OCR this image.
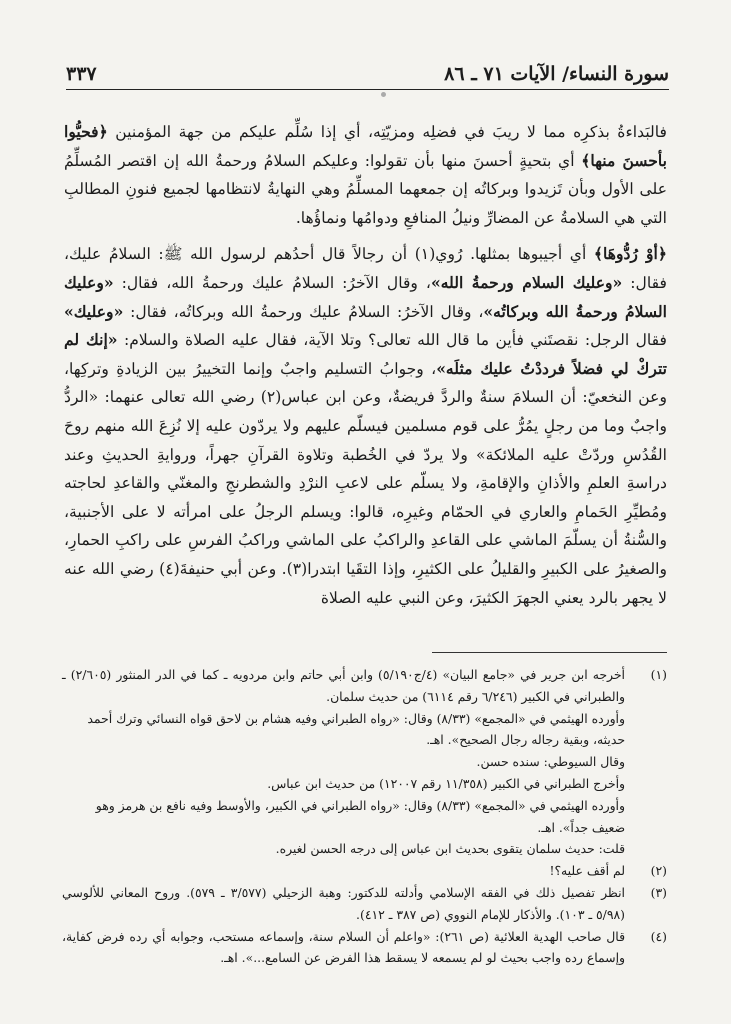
سورة النساء/ الآيات ٧١ ـ ٨٦
٣٣٧

فالبَداءةُ بذكرِه مما لا ريبَ في فضلِه ومزيّتِه، أي إذا سُلِّم عليكم من جهة المؤمنين ﴿فحيُّوا بأحسنَ منها﴾ أي بتحيةٍ أحسنَ منها بأن تقولوا: وعليكم السلامُ ورحمةُ الله إن اقتصر المُسلِّمُ على الأول وبأن تَزيدوا وبركاتُه إن جمعهما المسلِّمُ وهي النهايةُ لانتظامها لجميع فنونِ المطالبِ التي هي السلامةُ عن المضارِّ ونيلُ المنافعِ ودوامُها ونماؤُها.

﴿أوْ رُدُّوهَا﴾ أي أجيبوها بمثلها. رُوي(١) أن رجالاً قال أحدُهم لرسول الله ﷺ: السلامُ عليك، فقال: «وعليك السلام ورحمةُ الله»، وقال الآخرُ: السلامُ عليك ورحمةُ الله، فقال: «وعليك السلامُ ورحمةُ الله وبركاتُه»، وقال الآخرُ: السلامُ عليك ورحمةُ الله وبركاتُه، فقال: «وعليك» فقال الرجل: نقصتَني فأين ما قال الله تعالى؟ وتلا الآية، فقال عليه الصلاة والسلام: «إنك لم تتركْ لي فضلاً فرددْتُ عليك مثلَه»، وجوابُ التسليم واجبٌ وإنما التخييرُ بين الزيادةِ وتركِها، وعن النخعيّ: أن السلامَ سنةٌ والردَّ فريضةٌ، وعن ابن عباس(٢) رضي الله تعالى عنهما: «الردُّ واجبٌ وما من رجلٍ يمُرُّ على قوم مسلمين فيسلّم عليهم ولا يردّون عليه إلا نُزِعَ الله منهم روحَ القُدُسِ وردّتْ عليه الملائكة» ولا يردّ في الخُطبة وتلاوة القرآنِ جهراً، وروايةِ الحديثِ وعند دراسةِ العلمِ والأذانِ والإقامةِ، ولا يسلّم على لاعبِ النرْدِ والشطرنجِ والمغنّي والقاعدِ لحاجته ومُطيِّرِ الحَمامِ والعاري في الحمّام وغيرِه، قالوا: ويسلم الرجلُ على امرأته لا على الأجنبية، والسُّنةُ أن يسلّمَ الماشي على القاعدِ والراكبُ على الماشي وراكبُ الفرسِ على راكبِ الحمارِ، والصغيرُ على الكبيرِ والقليلُ على الكثيرِ، وإذا التقَيا ابتدرا(٣). وعن أبي حنيفةَ(٤) رضي الله عنه لا يجهر بالرد يعني الجهرَ الكثيرَ، وعن النبي عليه الصلاة

(١)
أخرجه ابن جرير في «جامع البيان» (٤/ج٥/١٩٠) وابن أبي حاتم وابن مردويه ـ كما في الدر المنثور (٢/٦٠٥) ـ والطبراني في الكبير (٦/٢٤٦ رقم ٦١١٤) من حديث سلمان.
وأورده الهيثمي في «المجمع» (٨/٣٣) وقال: «رواه الطبراني وفيه هشام بن لاحق قواه النسائي وترك أحمد حديثه، وبقية رجاله رجال الصحيح». اهـ.
وقال السيوطي: سنده حسن.
وأخرج الطبراني في الكبير (١١/٣٥٨ رقم ١٢٠٠٧) من حديث ابن عباس.
وأورده الهيثمي في «المجمع» (٨/٣٣) وقال: «رواه الطبراني في الكبير، والأوسط وفيه نافع بن هرمز وهو ضعيف جداً». اهـ.
قلت: حديث سلمان يتقوى بحديث ابن عباس إلى درجه الحسن لغيره.
(٢)
لم أقف عليه؟!
(٣)
انظر تفصيل ذلك في الفقه الإسلامي وأدلته للدكتور: وهبة الزحيلي (٣/٥٧٧ ـ ٥٧٩). وروح المعاني للألوسي (٥/٩٨ ـ ١٠٣). والأذكار للإمام النووي (ص ٣٨٧ ـ ٤١٢).
(٤)
قال صاحب الهدية العلائية (ص ٢٦١): «واعلم أن السلام سنة، وإسماعه مستحب، وجوابه أي رده فرض كفاية، وإسماع رده واجب بحيث لو لم يسمعه لا يسقط هذا الفرض عن السامع...». اهـ.
